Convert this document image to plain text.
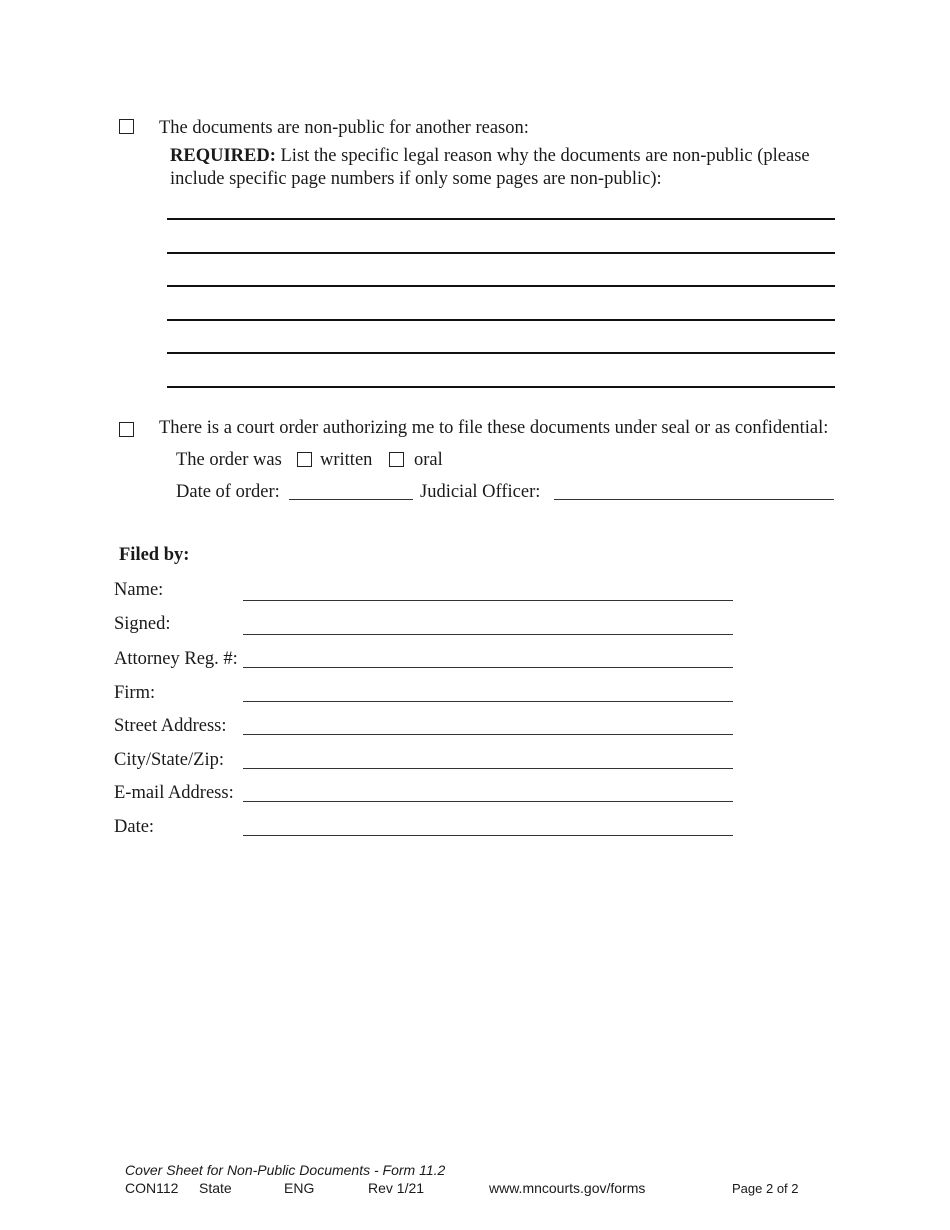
The documents are non-public for another reason:
REQUIRED: List the specific legal reason why the documents are non-public (please
include specific page numbers if only some pages are non-public):
There is a court order authorizing me to file these documents under seal or as confidential:
The order was written oral
Date of order:	Judicial Officer:
Filed by:
Name:
Signed:
Attorney Reg. #:
Firm:
Street Address:
City/State/Zip:
E-mail Address:
Date:
Cover Sheet for Non-Public Documents - Form 11.2
CON112 State	ENG	Rev 1/21	www.mncourts.gov/forms	Page 2 of 2
